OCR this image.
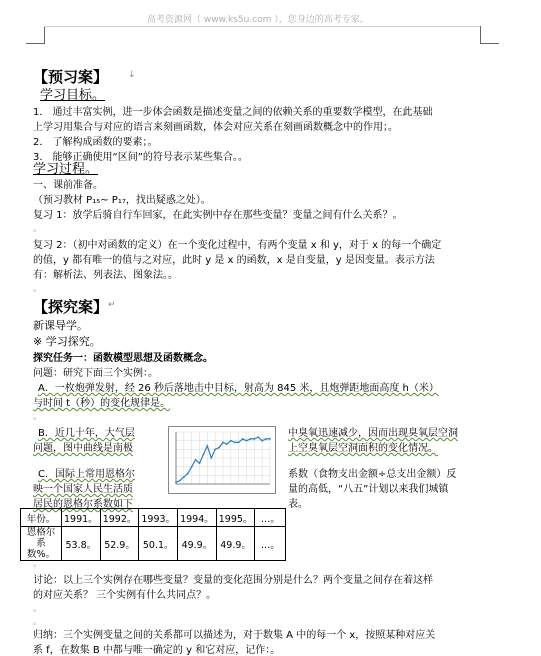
高考资源网（ www.ks5u.com ），您身边的高考专家。
【预习案】 ↓
学习目标。
1． 通过丰富实例，进一步体会函数是描述变量之间的依赖关系的重要数学模型，在此基础
上学习用集合与对应的语言来刻画函数，体会对应关系在刻画函数概念中的作用；。
2． 了解构成函数的要素；。
3． 能够正确使用“区间”的符号表示某些集合。。
学习过程。
一、课前准备。
（预习教材 P₁₅~ P₁₇，找出疑惑之处）。
复习 1：放学后骑自行车回家，在此实例中存在那些变量？变量之间有什么关系？。
。
复习 2：（初中对函数的定义）在一个变化过程中，有两个变量 x 和 y，对于 x 的每一个确定
的值，y 都有唯一的值与之对应，此时 y 是 x 的函数，x 是自变量，y 是因变量。表示方法
有：解析法、列表法、图象法。。
。
【探究案】 ↵
新课导学。
※ 学习探究。
探究任务一：函数模型思想及函数概念。
问题：研究下面三个实例：。
A．一枚炮弹发射，经 26 秒后落地击中目标，射高为 845 米，且炮弹距地面高度 h（米）
与时间 t（秒）的变化规律是。
。
B．近几十年，大气层
问题，图中曲线是南极
中臭氧迅速减少，因而出现臭氧层空洞
上空臭氧层空洞面积的变化情况。
C．国际上常用恩格尔
映一个国家人民生活质
居民的恩格尔系数如下
系数（食物支出金额÷总支出金额）反
量的高低，“八五”计划以来我们城镇
表。
年份。	1991。	1992。	1993。	1994。	1995。	…。
恩格尔
系数%。	53.8。	52.9。	50.1。	49.9。	49.9。	…。
。
讨论：以上三个实例存在哪些变量？变量的变化范围分别是什么？两个变量之间存在着这样
的对应关系？ 三个实例有什么共同点？。
。
。
归纳：三个实例变量之间的关系都可以描述为，对于数集 A 中的每一个 x，按照某种对应关
系 f，在数集 B 中都与唯一确定的 y 和它对应，记作：。
